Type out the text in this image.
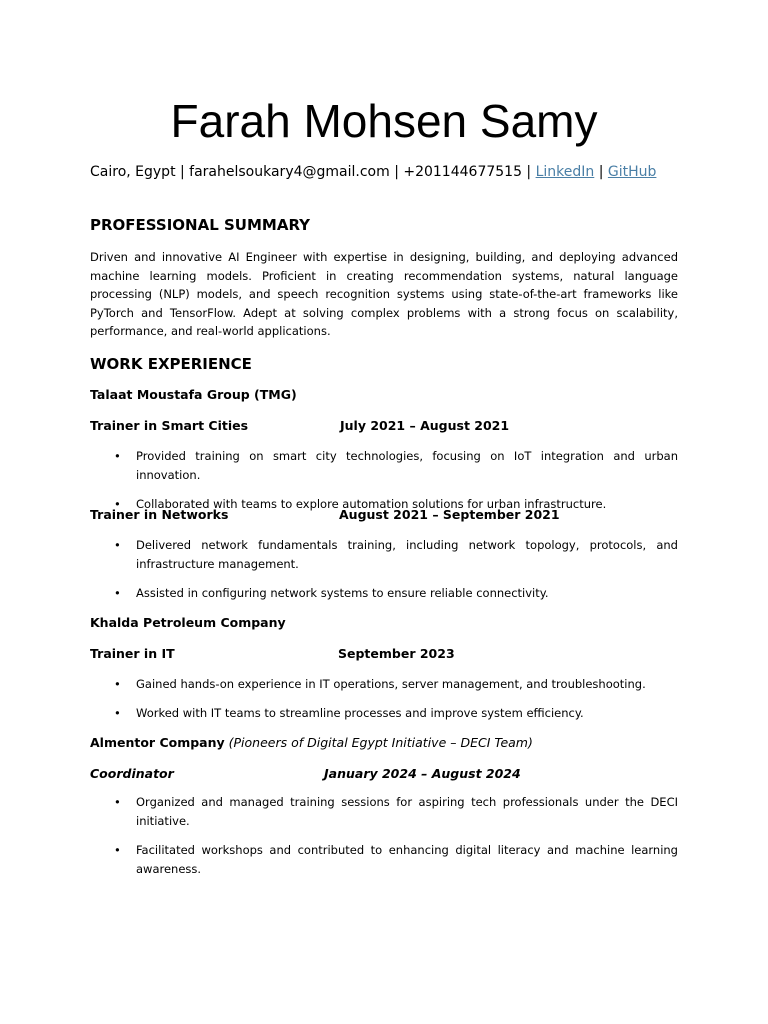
Farah Mohsen Samy
Cairo, Egypt | farahelsoukary4@gmail.com | +201144677515 | LinkedIn | GitHub
PROFESSIONAL SUMMARY
Driven and innovative AI Engineer with expertise in designing, building, and deploying advanced machine learning models. Proficient in creating recommendation systems, natural language processing (NLP) models, and speech recognition systems using state-of-the-art frameworks like PyTorch and TensorFlow. Adept at solving complex problems with a strong focus on scalability, performance, and real-world applications.
WORK EXPERIENCE
Talaat Moustafa Group (TMG)
Trainer in Smart Cities	July 2021 – August 2021
• Provided training on smart city technologies, focusing on IoT integration and urban innovation.
• Collaborated with teams to explore automation solutions for urban infrastructure.
Trainer in Networks	August 2021 – September 2021
• Delivered network fundamentals training, including network topology, protocols, and infrastructure management.
• Assisted in configuring network systems to ensure reliable connectivity.
Khalda Petroleum Company
Trainer in IT	September 2023
• Gained hands-on experience in IT operations, server management, and troubleshooting.
• Worked with IT teams to streamline processes and improve system efficiency.
Almentor Company (Pioneers of Digital Egypt Initiative – DECI Team)
Coordinator	January 2024 – August 2024
• Organized and managed training sessions for aspiring tech professionals under the DECI initiative.
• Facilitated workshops and contributed to enhancing digital literacy and machine learning awareness.
